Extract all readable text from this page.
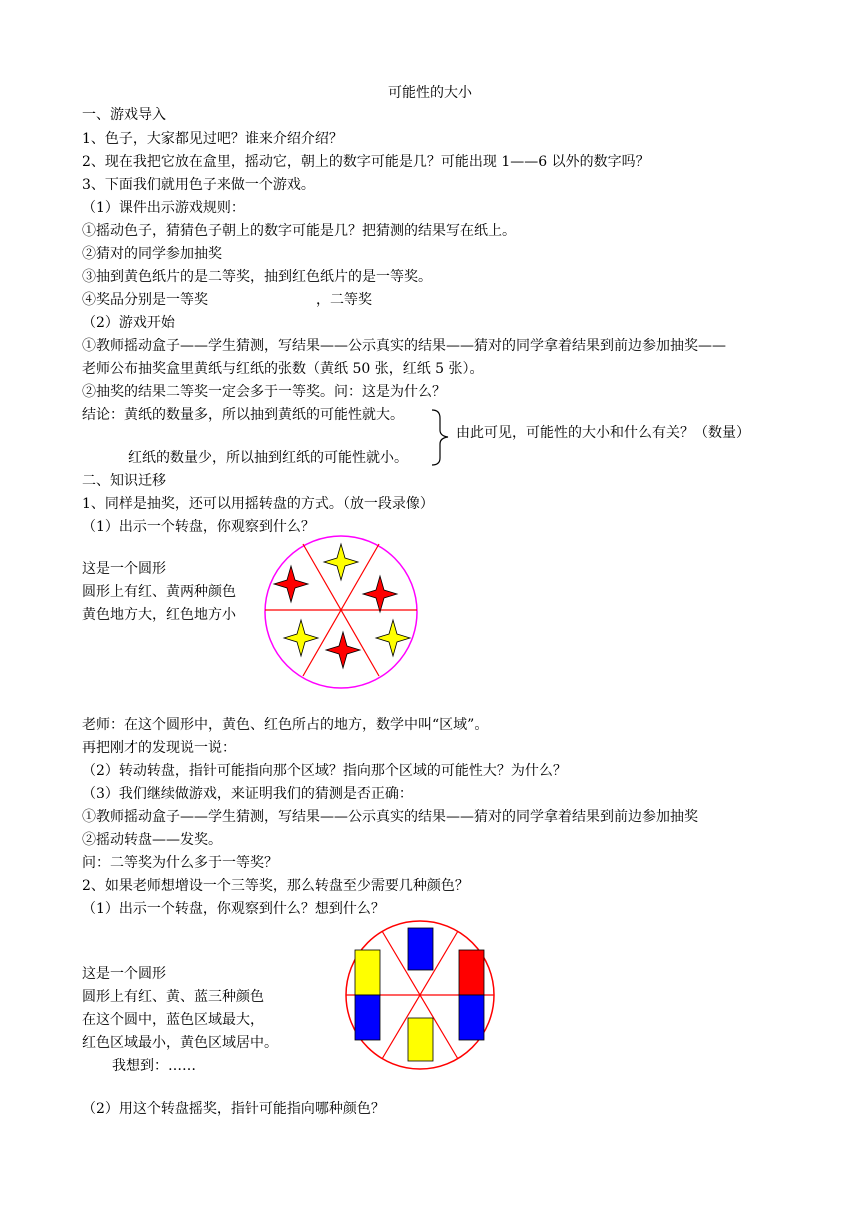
可能性的大小
一、游戏导入
1、色子，大家都见过吧？谁来介绍介绍？
2、现在我把它放在盒里，摇动它，朝上的数字可能是几？可能出现 1——6 以外的数字吗？
3、下面我们就用色子来做一个游戏。
（1）课件出示游戏规则：
①摇动色子，猜猜色子朝上的数字可能是几？把猜测的结果写在纸上。
②猜对的同学参加抽奖
③抽到黄色纸片的是二等奖，抽到红色纸片的是一等奖。
④奖品分别是一等奖	，二等奖
（2）游戏开始
①教师摇动盒子——学生猜测，写结果——公示真实的结果——猜对的同学拿着结果到前边参加抽奖——
老师公布抽奖盒里黄纸与红纸的张数（黄纸 50 张，红纸 5 张）。
②抽奖的结果二等奖一定会多于一等奖。问：这是为什么？
结论：黄纸的数量多，所以抽到黄纸的可能性就大。
红纸的数量少，所以抽到红纸的可能性就小。
由此可见，可能性的大小和什么有关？（数量）
二、知识迁移
1、同样是抽奖，还可以用摇转盘的方式。（放一段录像）
（1）出示一个转盘，你观察到什么？
这是一个圆形
圆形上有红、黄两种颜色
黄色地方大，红色地方小
老师：在这个圆形中，黄色、红色所占的地方，数学中叫“区域”。
再把刚才的发现说一说：
（2）转动转盘，指针可能指向那个区域？指向那个区域的可能性大？为什么？
（3）我们继续做游戏，来证明我们的猜测是否正确：
①教师摇动盒子——学生猜测，写结果——公示真实的结果——猜对的同学拿着结果到前边参加抽奖
②摇动转盘——发奖。
问：二等奖为什么多于一等奖？
2、如果老师想增设一个三等奖，那么转盘至少需要几种颜色？
（1）出示一个转盘，你观察到什么？想到什么？
这是一个圆形
圆形上有红、黄、蓝三种颜色
在这个圆中，蓝色区域最大，
红色区域最小，黄色区域居中。
我想到：……
（2）用这个转盘摇奖，指针可能指向哪种颜色？
